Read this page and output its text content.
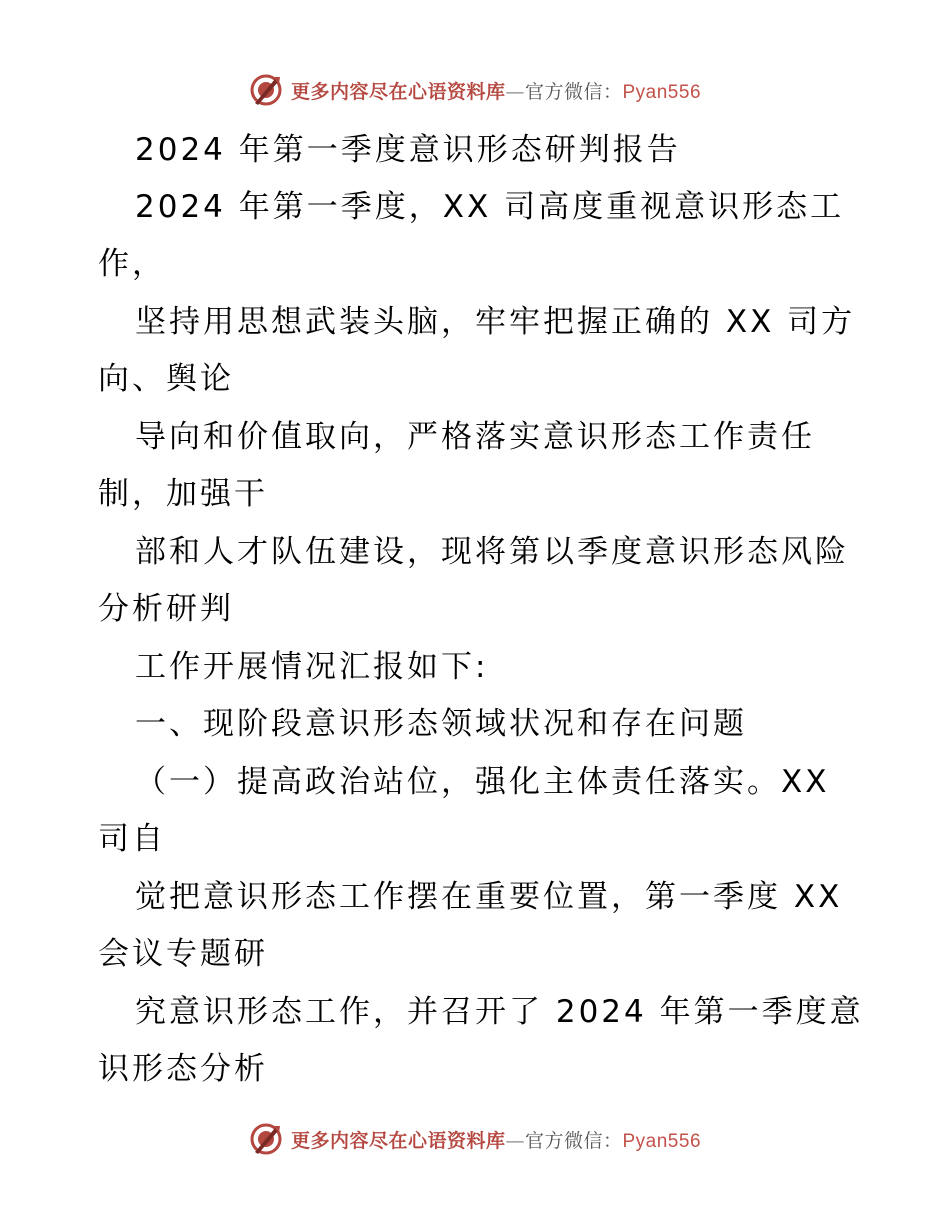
更多内容尽在心语资料库—官方微信：Pyan556
2024 年第一季度意识形态研判报告
2024 年第一季度，XX 司高度重视意识形态工
作，
坚持用思想武装头脑，牢牢把握正确的 XX 司方
向、舆论
导向和价值取向，严格落实意识形态工作责任
制，加强干
部和人才队伍建设，现将第以季度意识形态风险
分析研判
工作开展情况汇报如下:
一、现阶段意识形态领域状况和存在问题
（一）提高政治站位，强化主体责任落实。XX
司自
觉把意识形态工作摆在重要位置，第一季度 XX
会议专题研
究意识形态工作，并召开了 2024 年第一季度意
识形态分析
更多内容尽在心语资料库—官方微信：Pyan556
